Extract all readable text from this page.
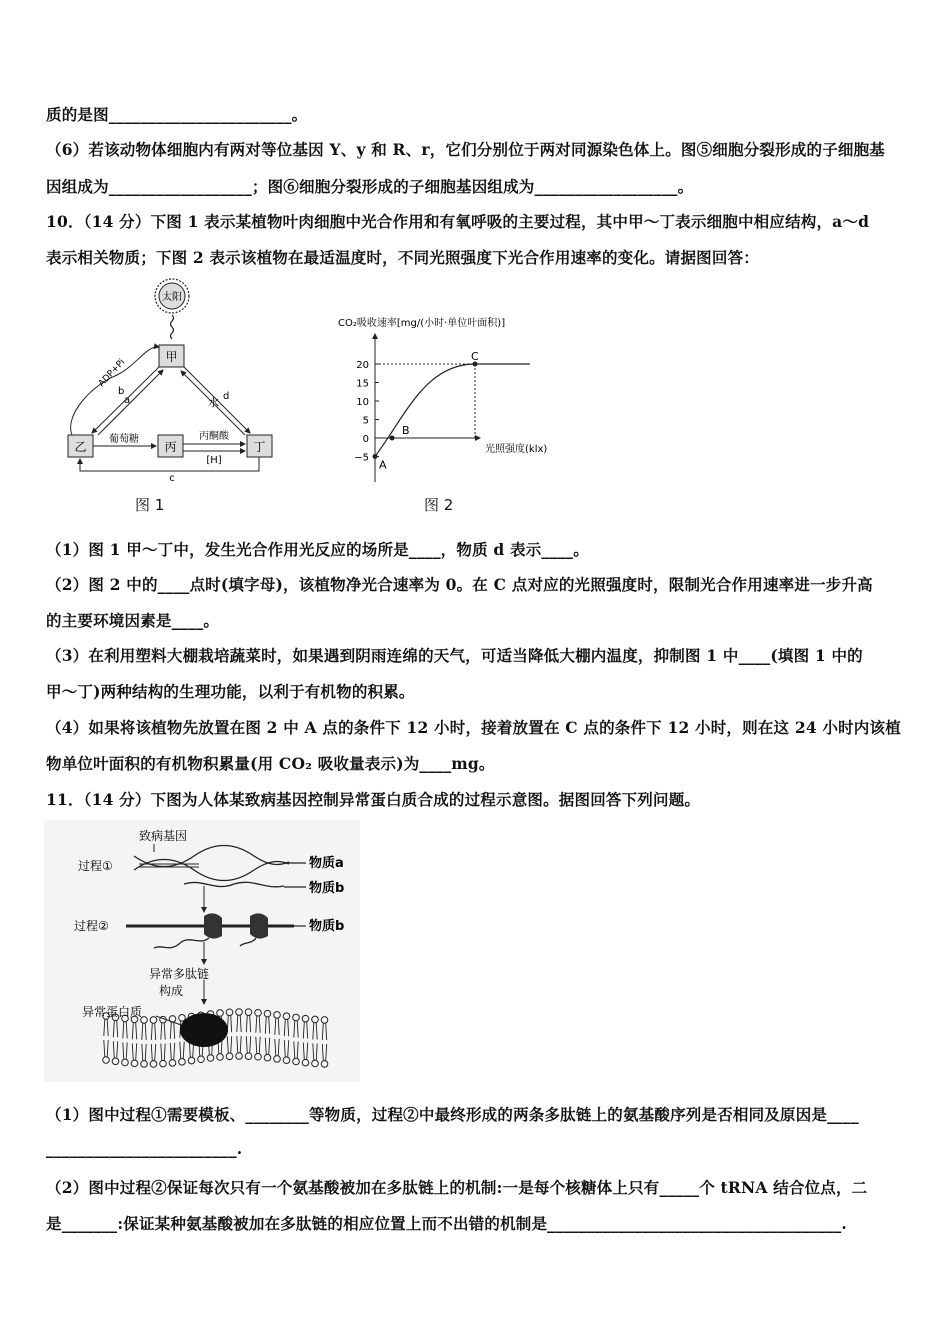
质的是图_______________________。
（6）若该动物体细胞内有两对等位基因 Y、y 和 R、r，它们分别位于两对同源染色体上。图⑤细胞分裂形成的子细胞基
因组成为__________________；图⑥细胞分裂形成的子细胞基因组成为__________________。
10．（14 分）下图 1 表示某植物叶肉细胞中光合作用和有氧呼吸的主要过程，其中甲～丁表示细胞中相应结构，a～d
表示相关物质；下图 2 表示该植物在最适温度时，不同光照强度下光合作用速率的变化。请据图回答：
太阳
甲
乙	丙	丁
ADP+Pi
b
a	水 d
葡萄糖	丙酮酸
[H]
c
图 1
CO₂吸收速率[mg/(小时·单位叶面积)]
20
15
10
5
0
−5
A
B
C
光照强度(klx)
图 2
（1）图 1 甲～丁中，发生光合作用光反应的场所是____，物质 d 表示____。
（2）图 2 中的____点时(填字母)，该植物净光合速率为 0。在 C 点对应的光照强度时，限制光合作用速率进一步升高
的主要环境因素是____。
（3）在利用塑料大棚栽培蔬菜时，如果遇到阴雨连绵的天气，可适当降低大棚内温度，抑制图 1 中____(填图 1 中的
甲～丁)两种结构的生理功能，以利于有机物的积累。
（4）如果将该植物先放置在图 2 中 A 点的条件下 12 小时，接着放置在 C 点的条件下 12 小时，则在这 24 小时内该植
物单位叶面积的有机物积累量(用 CO₂ 吸收量表示)为____mg。
11．（14 分）下图为人体某致病基因控制异常蛋白质合成的过程示意图。据图回答下列问题。
致病基因
过程①	物质a
物质b
过程②	物质b
异常多肽链
构成
异常蛋白质
（1）图中过程①需要模板、________等物质，过程②中最终形成的两条多肽链上的氨基酸序列是否相同及原因是____
________________________.
（2）图中过程②保证每次只有一个氨基酸被加在多肽链上的机制:一是每个核糖体上只有_____个 tRNA 结合位点，二
是_______:保证某种氨基酸被加在多肽链的相应位置上而不出错的机制是_____________________________________.
